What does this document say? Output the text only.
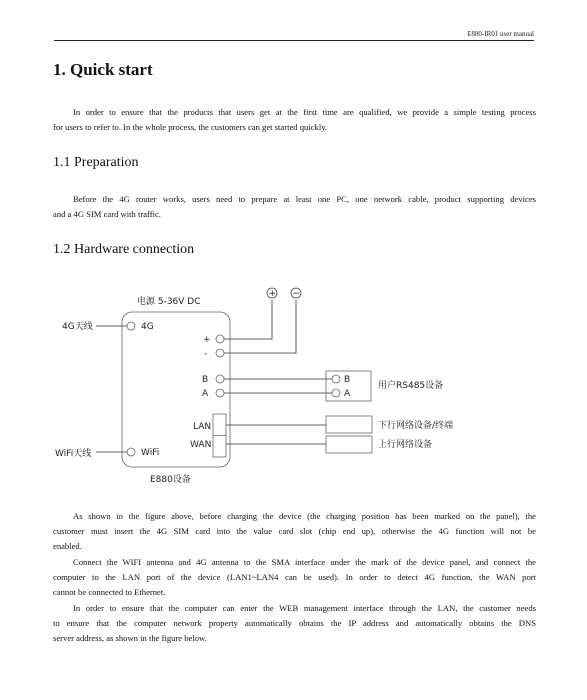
E880-IR01 user manual
1. Quick start

In order to ensure that the products that users get at the first time are qualified, we provide a simple testing process
for users to refer to. In the whole process, the customers can get started quickly.

1.1 Preparation

Before the 4G router works, users need to prepare at least one PC, one network cable, product supporting devices
and a 4G SIM card with traffic.

1.2 Hardware connection
电源 5-36V DC
4G天线	4G
+
-
+ −
B
A
B
A
用户RS485设备
LAN
WAN
下行网络设备/终端
上行网络设备
WiFi天线	WiFi
E880设备

As shown in the figure above, before charging the device (the charging position has been marked on the panel), the
customer must insert the 4G SIM card into the value card slot (chip end up), otherwise the 4G function will not be
enabled.

Connect the WIFI antenna and 4G antenna to the SMA interface under the mark of the device panel, and connect the
computer to the LAN port of the device (LAN1~LAN4 can be used). In order to detect 4G function, the WAN port
cannot be connected to Ethernet.

In order to ensure that the computer can enter the WEB management interface through the LAN, the customer needs
to ensure that the computer network property automatically obtains the IP address and automatically obtains the DNS
server address, as shown in the figure below.
